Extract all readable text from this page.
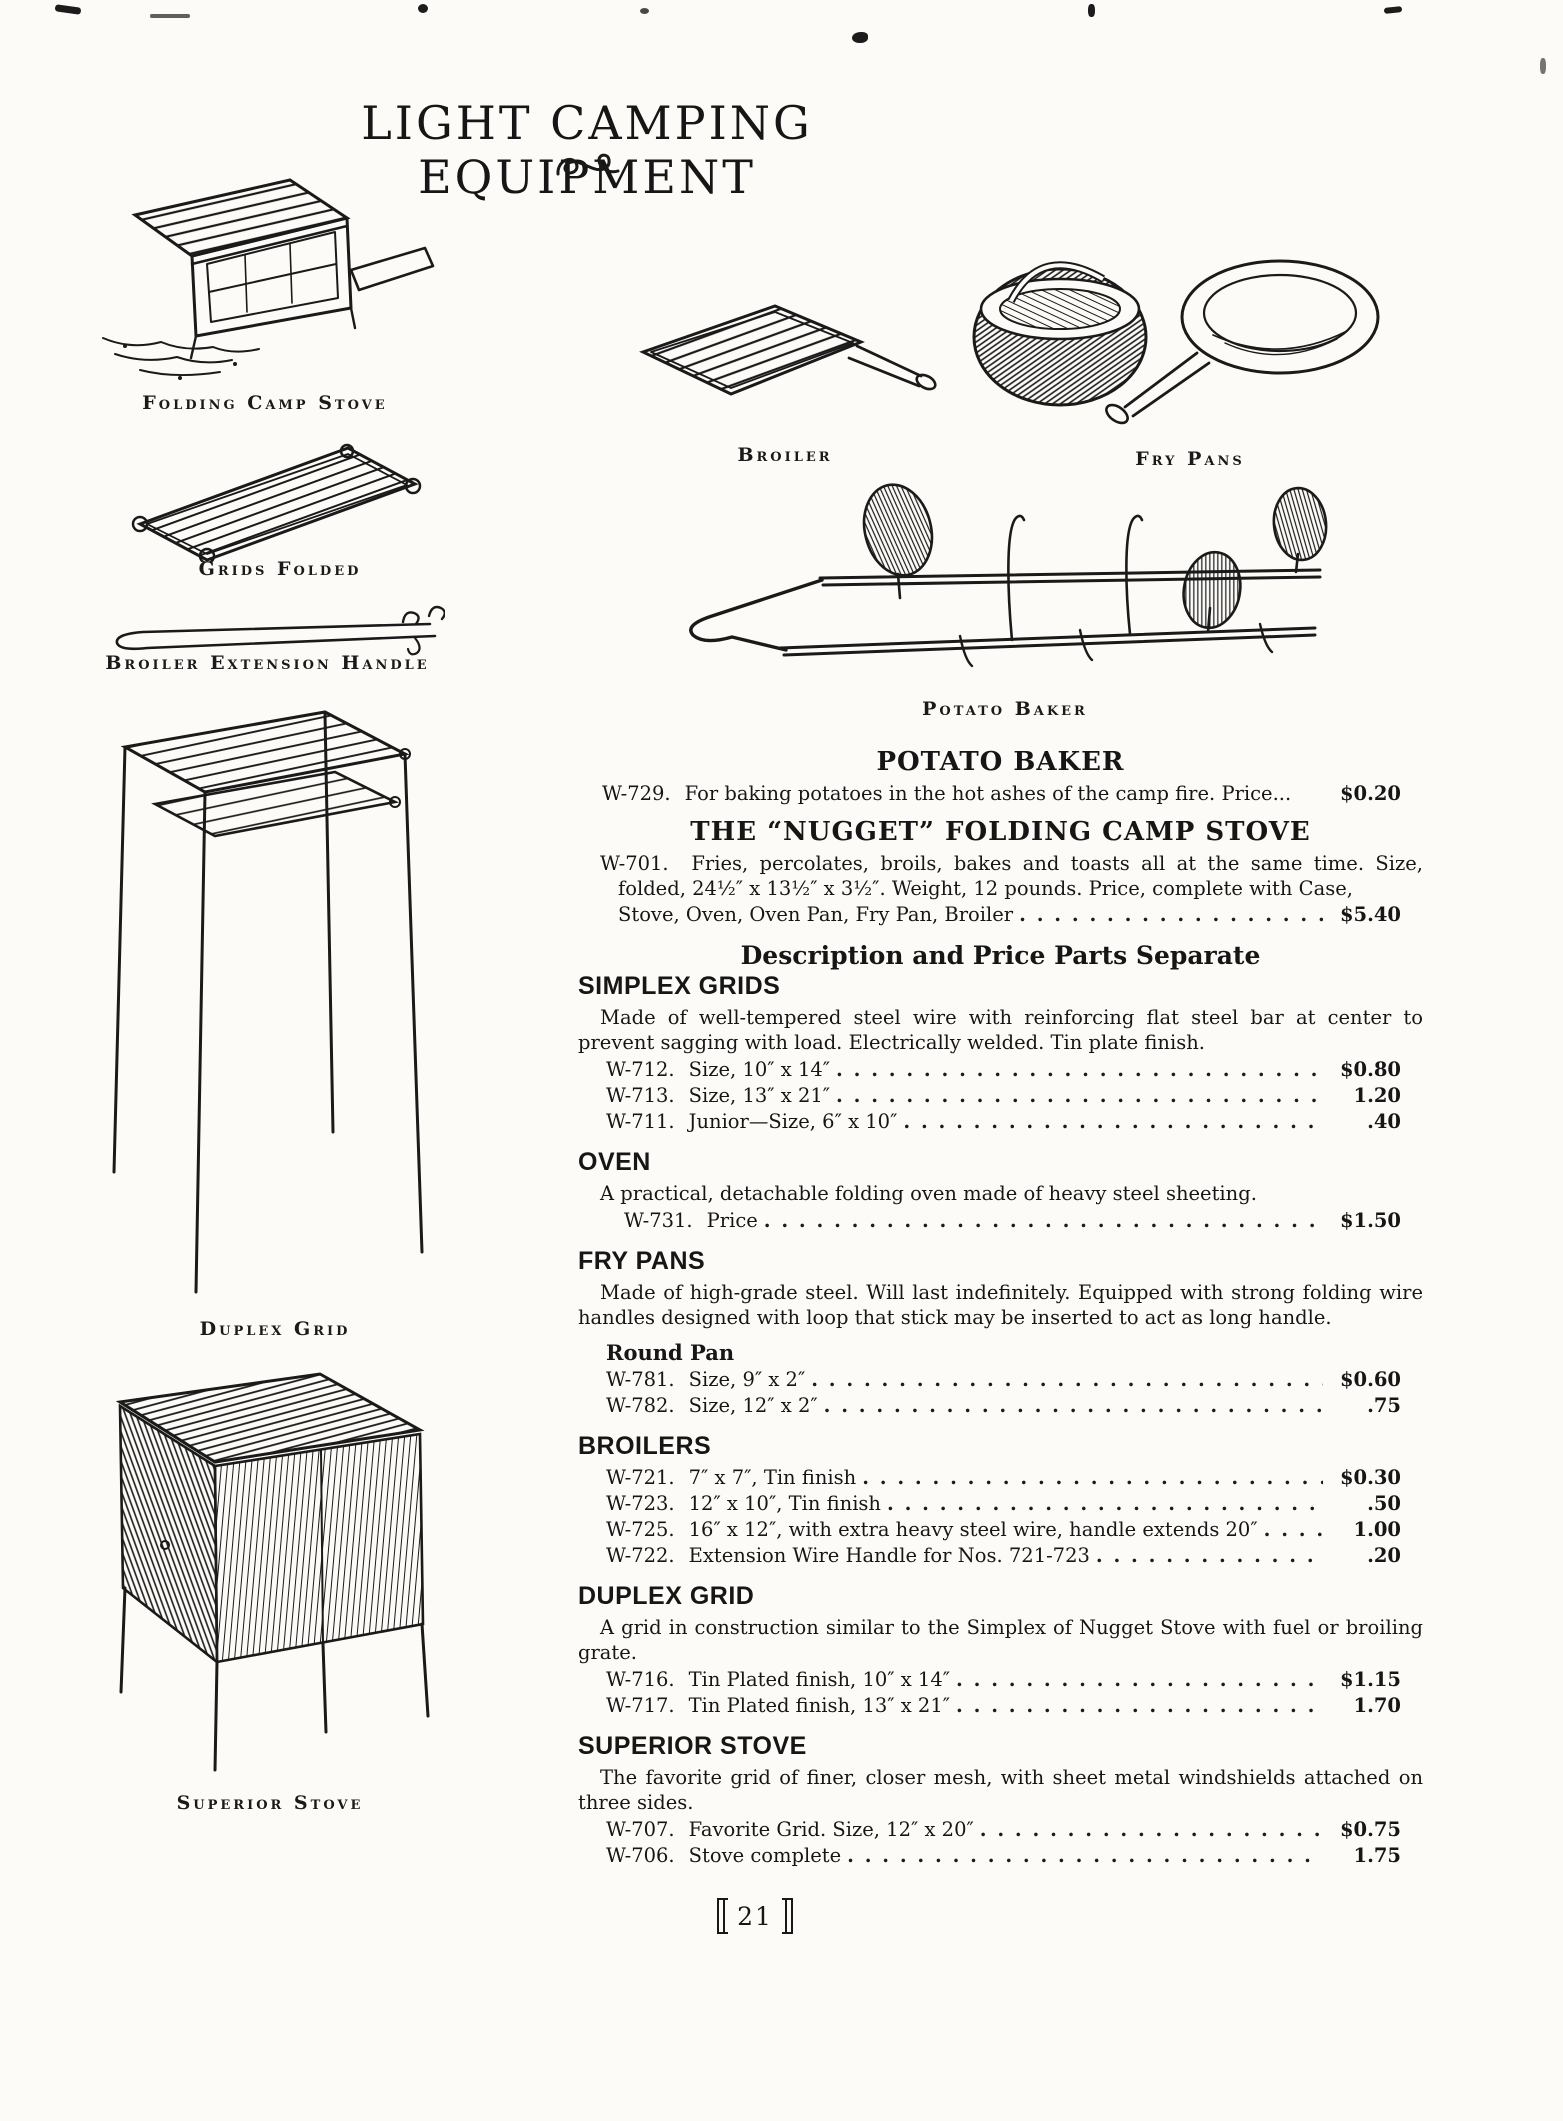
LIGHT CAMPING EQUIPMENT
Folding Camp Stove
Grids Folded
Broiler Extension Handle
Duplex Grid
Superior Stove
Broiler	Fry Pans
Potato Baker
POTATO BAKER
W-729. For baking potatoes in the hot ashes of the camp fire. Price...	$0.20
THE “NUGGET” FOLDING CAMP STOVE

W-701. Fries, percolates, broils, bakes and toasts all at the same time. Size, folded, 24½″ x 13½″ x 3½″. Weight, 12 pounds. Price, complete with Case,

Stove, Oven, Oven Pan, Fry Pan, Broiler . . .	$5.40
Description and Price Parts Separate
SIMPLEX GRIDS

Made of well-tempered steel wire with reinforcing flat steel bar at center to prevent sagging with load. Electrically welded. Tin plate finish.

W-712. Size, 10″ x 14″ . . .	$0.80
W-713. Size, 13″ x 21″ . . .	1.20
W-711. Junior—Size, 6″ x 10″ . . .	.40
OVEN

A practical, detachable folding oven made of heavy steel sheeting.

W-731. Price . . .	$1.50
FRY PANS

Made of high-grade steel. Will last indefinitely. Equipped with strong folding wire handles designed with loop that stick may be inserted to act as long handle.

Round Pan
W-781. Size, 9″ x 2″ . . .	$0.60
W-782. Size, 12″ x 2″ . . .	.75
BROILERS
W-721. 7″ x 7″, Tin finish . . .	$0.30
W-723. 12″ x 10″, Tin finish . . .	.50
W-725. 16″ x 12″, with extra heavy steel wire, handle extends 20″ . . .	1.00
W-722. Extension Wire Handle for Nos. 721-723 . . .	.20
DUPLEX GRID

A grid in construction similar to the Simplex of Nugget Stove with fuel or broiling grate.

W-716. Tin Plated finish, 10″ x 14″ . . .	$1.15
W-717. Tin Plated finish, 13″ x 21″ . . .	1.70
SUPERIOR STOVE

The favorite grid of finer, closer mesh, with sheet metal windshields attached on three sides.

W-707. Favorite Grid. Size, 12″ x 20″ . . .	$0.75
W-706. Stove complete . . .	1.75
21
